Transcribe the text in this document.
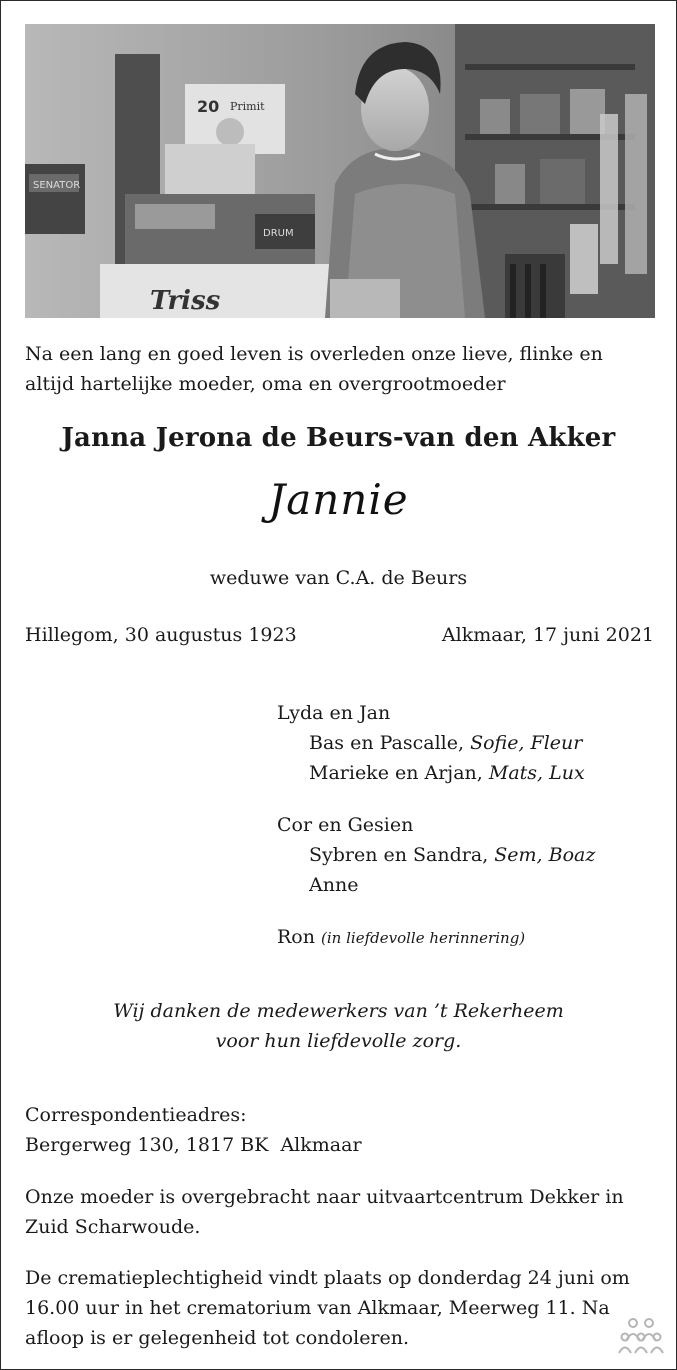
SENATOR
20 Primit
DRUM
Triss

Na een lang en goed leven is overleden onze lieve, flinke en altijd hartelijke moeder, oma en overgrootmoeder

Janna Jerona de Beurs-van den Akker

Jannie

weduwe van C.A. de Beurs

Hillegom, 30 augustus 1923	Alkmaar, 17 juni 2021

Lyda en Jan

Bas en Pascalle, Sofie, Fleur

Marieke en Arjan, Mats, Lux

Cor en Gesien

Sybren en Sandra, Sem, Boaz

Anne

Ron (in liefdevolle herinnering)

Wij danken de medewerkers van ’t Rekerheem
voor hun liefdevolle zorg.

Correspondentieadres:
Bergerweg 130, 1817 BK  Alkmaar

Onze moeder is overgebracht naar uitvaartcentrum Dekker in Zuid Scharwoude.

De crematieplechtigheid vindt plaats op donderdag 24 juni om 16.00 uur in het crematorium van Alkmaar, Meerweg 11. Na afloop is er gelegenheid tot condoleren.
